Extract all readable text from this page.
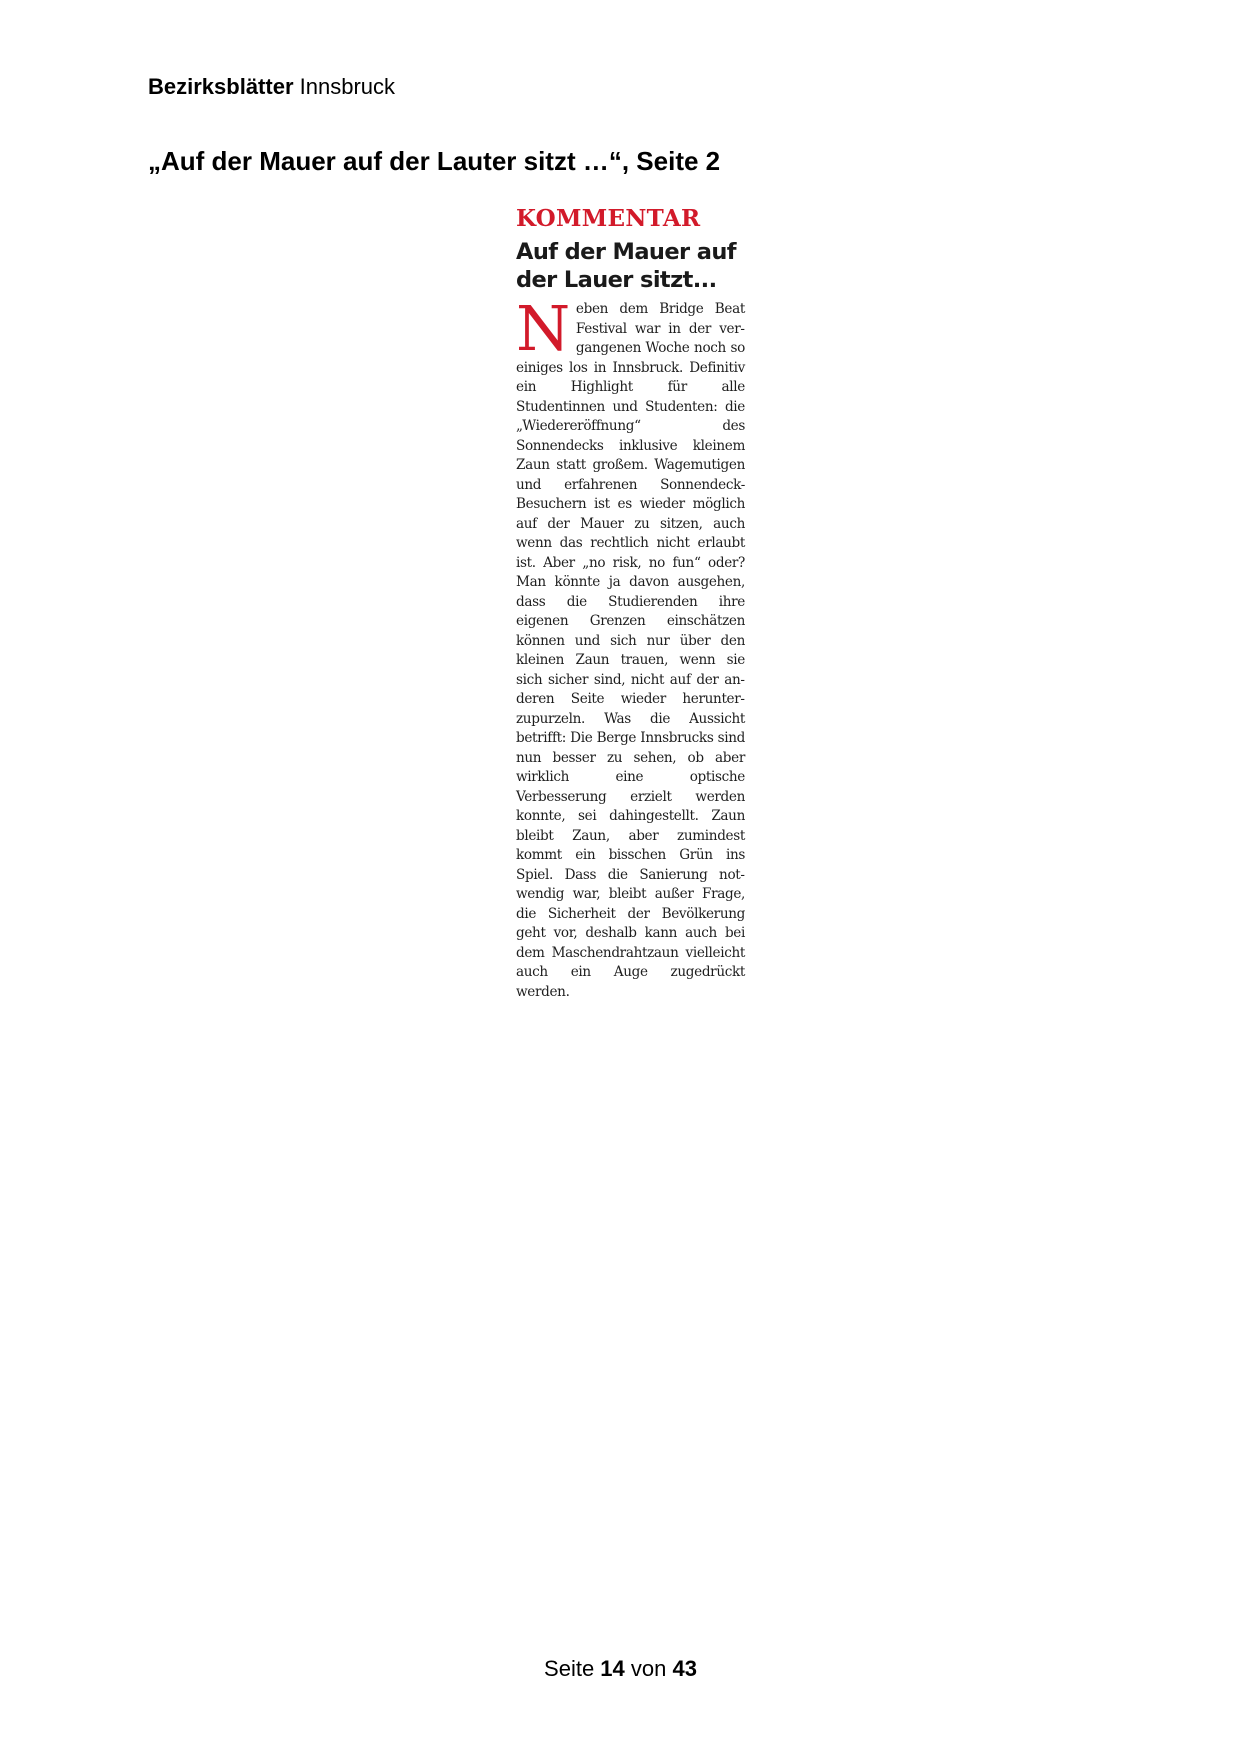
Bezirksblätter Innsbruck
„Auf der Mauer auf der Lauter sitzt …“, Seite 2

KOMMENTAR

Auf der Mauer auf der Lauer sitzt...

Neben dem Bridge Beat Festival war in der vergangenen Woche noch so einiges los in Innsbruck. Definitiv ein Highlight für alle Studentinnen und Studenten: die „Wiedereröffnung“ des Sonnendecks inklusive kleinem Zaun statt großem. Wagemutigen und erfahrenen Sonnendeck-Besuchern ist es wieder möglich auf der Mauer zu sitzen, auch wenn das rechtlich nicht erlaubt ist. Aber „no risk, no fun“ oder? Man könnte ja davon ausgehen, dass die Studierenden ihre eigenen Grenzen einschätzen können und sich nur über den kleinen Zaun trauen, wenn sie sich sicher sind, nicht auf der anderen Seite wieder herunterzupurzeln. Was die Aussicht betrifft: Die Berge Innsbrucks sind nun besser zu sehen, ob aber wirklich eine optische Verbesserung erzielt werden konnte, sei dahingestellt. Zaun bleibt Zaun, aber zumindest kommt ein bisschen Grün ins Spiel. Dass die Sanierung notwendig war, bleibt außer Frage, die Sicherheit der Bevölkerung geht vor, deshalb kann auch bei dem Maschendrahtzaun vielleicht auch ein Auge zugedrückt werden.

Seite 14 von 43
